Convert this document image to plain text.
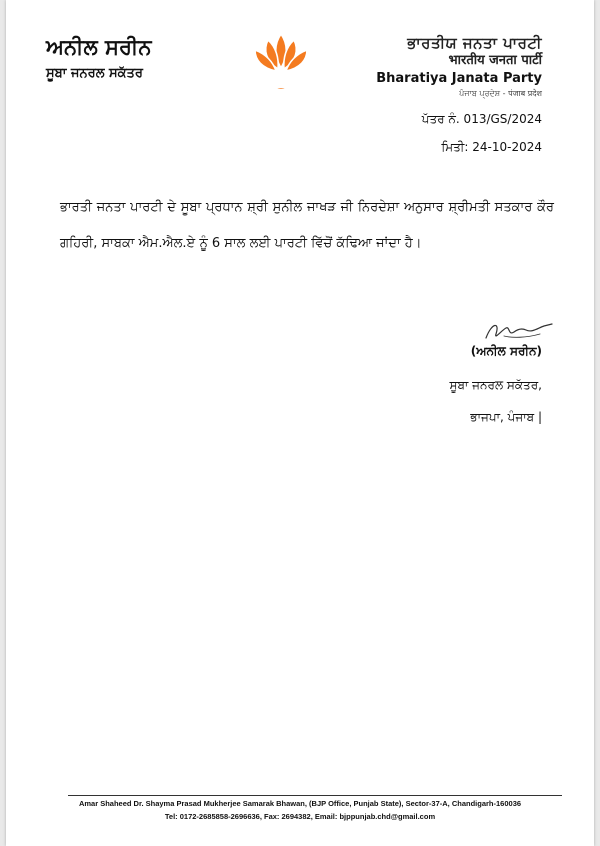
ਅਨੀਲ ਸਰੀਨ
ਸੂਬਾ ਜਨਰਲ ਸਕੱਤਰ
ਭਾਰਤੀਯ ਜਨਤਾ ਪਾਰਟੀ
भारतीय जनता पार्टी
Bharatiya Janata Party
ਪੰਜਾਬ ਪ੍ਰਦੇਸ਼ - पंजाब प्रदेश
ਪੱਤਰ ਨੰ. 013/GS/2024
ਮਿਤੀ: 24-10-2024
ਭਾਰਤੀ ਜਨਤਾ ਪਾਰਟੀ ਦੇ ਸੂਬਾ ਪ੍ਰਧਾਨ ਸ਼੍ਰੀ ਸੁਨੀਲ ਜਾਖੜ ਜੀ ਨਿਰਦੇਸ਼ਾ ਅਨੁਸਾਰ ਸ਼੍ਰੀਮਤੀ ਸਤਕਾਰ ਕੌਰ ਗਹਿਰੀ, ਸਾਬਕਾ ਐਮ.ਐਲ.ਏ ਨੂੰ 6 ਸਾਲ ਲਈ ਪਾਰਟੀ ਵਿੱਚੋਂ ਕੱਢਿਆ ਜਾਂਦਾ ਹੈ।
(ਅਨੀਲ ਸਰੀਨ)
ਸੂਬਾ ਜਨਰਲ ਸਕੱਤਰ,
ਭਾਜਪਾ, ਪੰਜਾਬ |
Amar Shaheed Dr. Shayma Prasad Mukherjee Samarak Bhawan, (BJP Office, Punjab State), Sector-37-A, Chandigarh-160036
Tel: 0172-2685858-2696636, Fax: 2694382, Email: bjppunjab.chd@gmail.com
